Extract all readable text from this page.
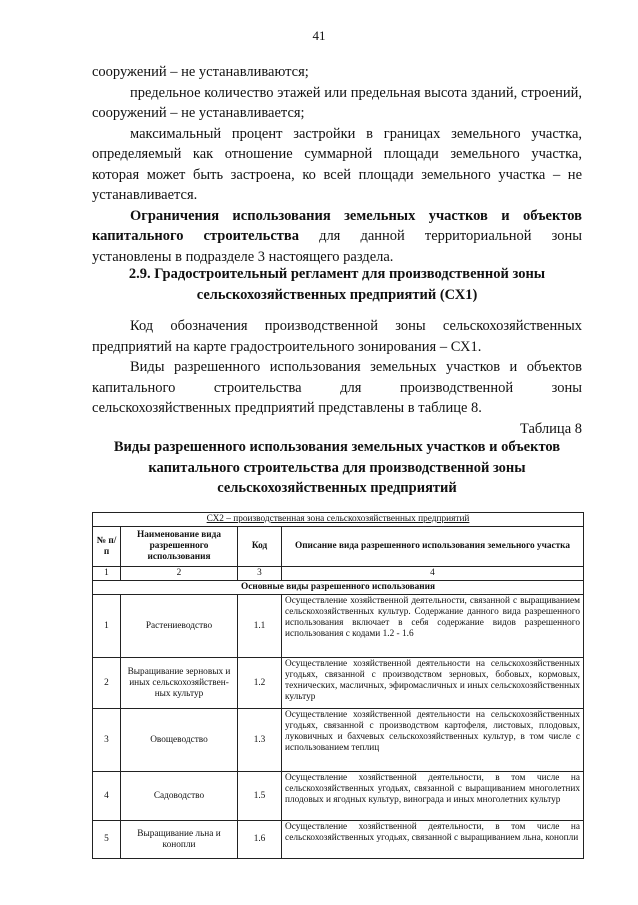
41

сооружений – не устанавливаются;

предельное количество этажей или предельная высота зданий, строений, сооружений – не устанавливается;

максимальный процент застройки в границах земельного участка, определяемый как отношение суммарной площади земельного участка, которая может быть застроена, ко всей площади земельного участка – не устанавливается.

Ограничения использования земельных участков и объектов капитального строительства для данной территориальной зоны установлены в подразделе 3 настоящего раздела.

2.9. Градостроительный регламент для производственной зоны

сельскохозяйственных предприятий (СХ1)

Код обозначения производственной зоны сельскохозяйственных предприятий на карте градостроительного зонирования – СХ1.

Виды разрешенного использования земельных участков и объектов капитального строительства для производственной зоны сельскохозяйственных предприятий представлены в таблице 8.

Таблица 8

Виды разрешенного использования земельных участков и объектов

капитального строительства для производственной зоны

сельскохозяйственных предприятий

СХ2 – производственная зона сельскохозяйственных предприятий			
№ п/п	Наименование вида разрешенного использования	Код	Описание вида разрешенного использования земельного участка
1	2	3	4
Основные виды разрешенного использования			
1	Растениеводство	1.1	Осуществление хозяйственной деятельности, связанной с выращиванием сельскохозяйственных культур. Содержание данного вида разрешенного использования включает в себя содержание видов разрешенного использования с кодами 1.2 - 1.6
2	Выращивание зерновых и иных сельскохозяйственных культур	1.2	Осуществление хозяйственной деятельности на сельскохозяйственных угодьях, связанной с производством зерновых, бобовых, кормовых, технических, масличных, эфиромасличных и иных сельскохозяйственных культур
3	Овощеводство	1.3	Осуществление хозяйственной деятельности на сельскохозяйственных угодьях, связанной с производством картофеля, листовых, плодовых, луковичных и бахчевых сельскохозяйственных культур, в том числе с использованием теплиц
4	Садоводство	1.5	Осуществление хозяйственной деятельности, в том числе на сельскохозяйственных угодьях, связанной с выращиванием многолетних плодовых и ягодных культур, винограда и иных многолетних культур
5	Выращивание льна и конопли	1.6	Осуществление хозяйственной деятельности, в том числе на сельскохозяйственных угодьях, связанной с выращиванием льна, конопли
